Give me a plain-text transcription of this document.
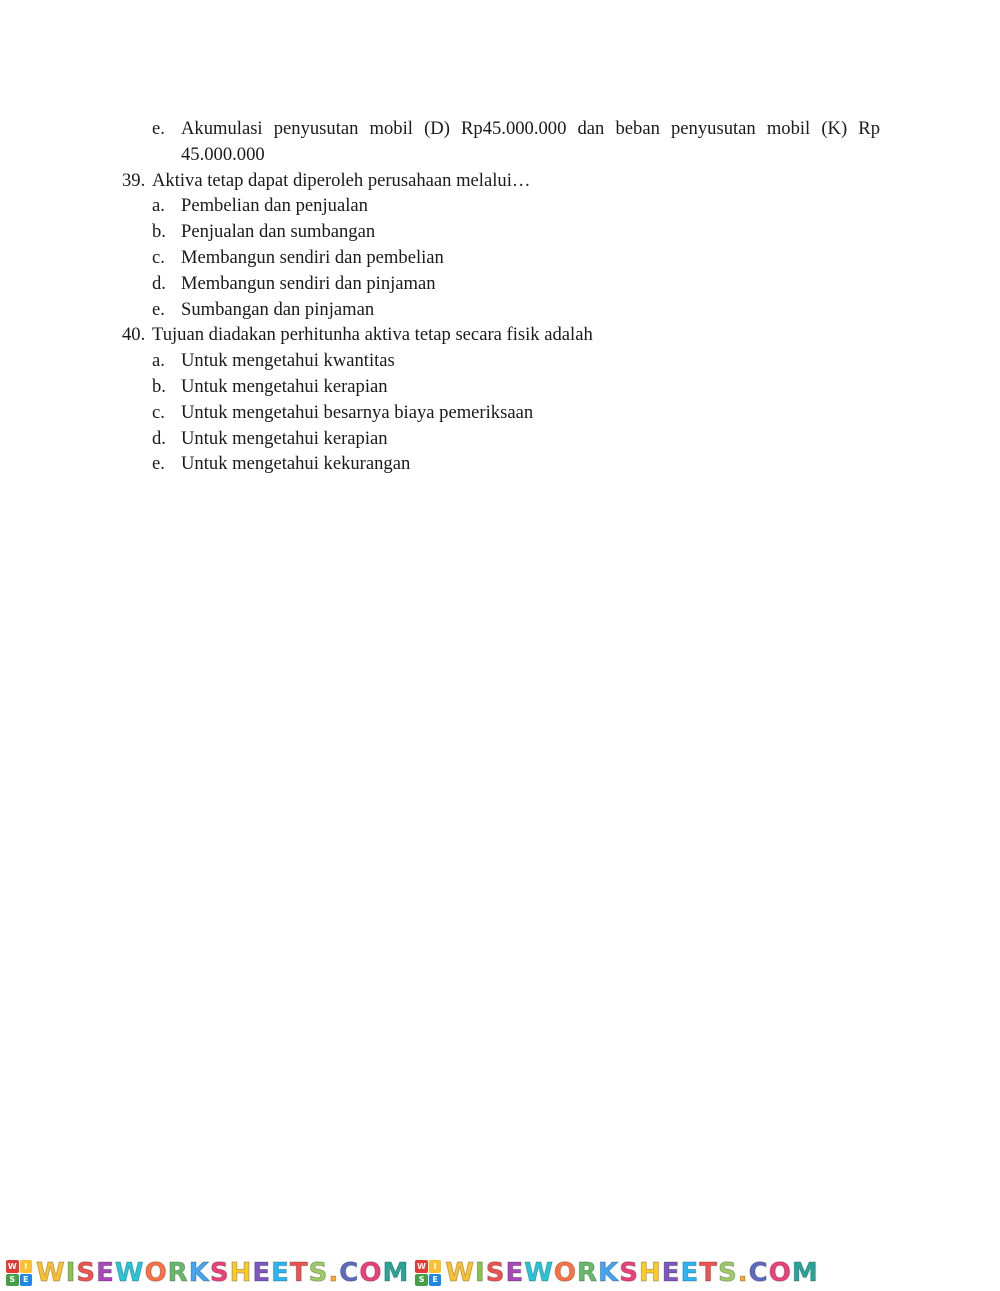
e. Akumulasi penyusutan mobil (D) Rp45.000.000 dan beban penyusutan mobil (K) Rp 45.000.000
39. Aktiva tetap dapat diperoleh perusahaan melalui…
a. Pembelian dan penjualan
b. Penjualan dan sumbangan
c. Membangun sendiri dan pembelian
d. Membangun sendiri dan pinjaman
e. Sumbangan dan pinjaman
40. Tujuan diadakan perhitunha aktiva tetap secara fisik adalah
a. Untuk mengetahui kwantitas
b. Untuk mengetahui kerapian
c. Untuk mengetahui besarnya biaya pemeriksaan
d. Untuk mengetahui kerapian
e. Untuk mengetahui kekurangan
W I
S E W I S E W O R K S H E E T S . C O M W I
S E W I S E W O R K S H E E T S . C O M
